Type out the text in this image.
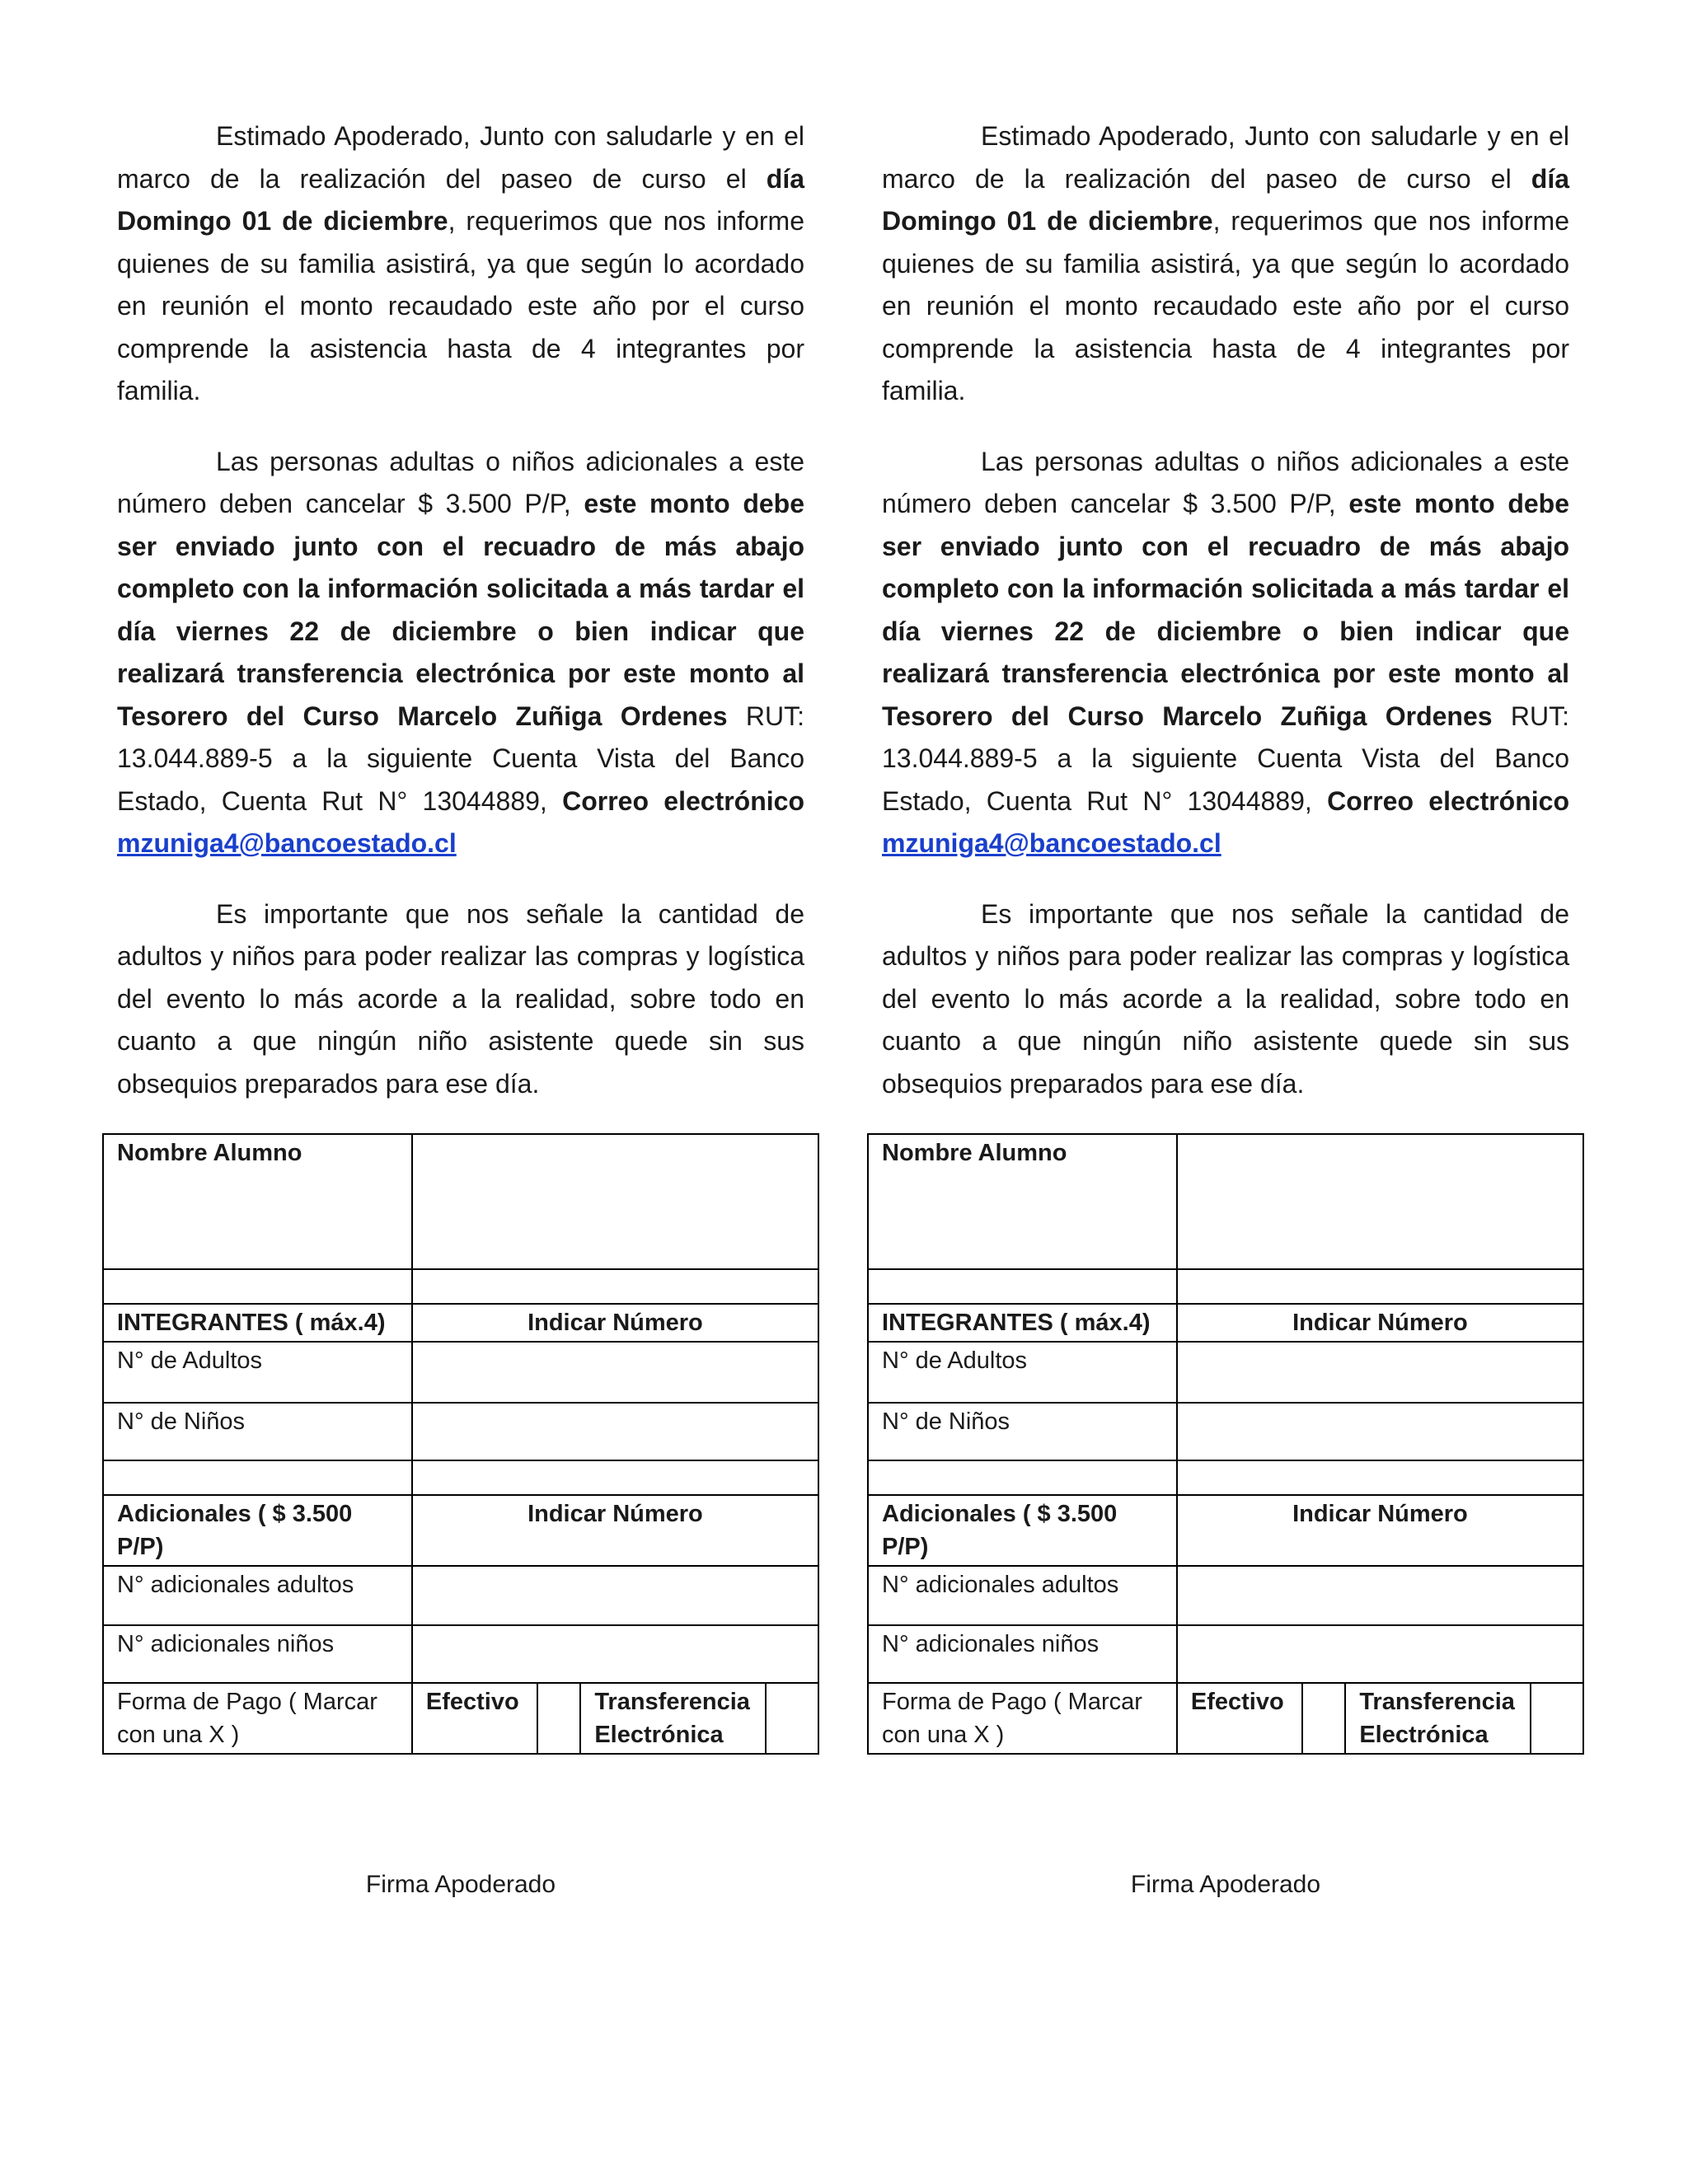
Estimado Apoderado, Junto con saludarle y en el marco de la realización del paseo de curso el día Domingo 01 de diciembre, requerimos que nos informe quienes de su familia asistirá, ya que según lo acordado en reunión el monto recaudado este año por el curso comprende la asistencia hasta de 4 integrantes por familia.

Las personas adultas o niños adicionales a este número deben cancelar $ 3.500 P/P, este monto debe ser enviado junto con el recuadro de más abajo completo con la información solicitada a más tardar el día viernes 22 de diciembre o bien indicar que realizará transferencia electrónica por este monto al Tesorero del Curso Marcelo Zuñiga Ordenes RUT: 13.044.889-5 a la siguiente Cuenta Vista del Banco Estado, Cuenta Rut N° 13044889, Correo electrónico mzuniga4@bancoestado.cl

Es importante que nos señale la cantidad de adultos y niños para poder realizar las compras y logística del evento lo más acorde a la realidad, sobre todo en cuanto a que ningún niño asistente quede sin sus obsequios preparados para ese día.

Nombre Alumno				

INTEGRANTES ( máx.4)	Indicar Número			
N° de Adultos				
N° de Niños				

Adicionales ( $ 3.500 P/P)	Indicar Número			
N° adicionales adultos				
N° adicionales niños				
Forma de Pago ( Marcar con una X )	Efectivo		Transferencia Electrónica	

Estimado Apoderado, Junto con saludarle y en el marco de la realización del paseo de curso el día Domingo 01 de diciembre, requerimos que nos informe quienes de su familia asistirá, ya que según lo acordado en reunión el monto recaudado este año por el curso comprende la asistencia hasta de 4 integrantes por familia.

Las personas adultas o niños adicionales a este número deben cancelar $ 3.500 P/P, este monto debe ser enviado junto con el recuadro de más abajo completo con la información solicitada a más tardar el día viernes 22 de diciembre o bien indicar que realizará transferencia electrónica por este monto al Tesorero del Curso Marcelo Zuñiga Ordenes RUT: 13.044.889-5 a la siguiente Cuenta Vista del Banco Estado, Cuenta Rut N° 13044889, Correo electrónico mzuniga4@bancoestado.cl

Es importante que nos señale la cantidad de adultos y niños para poder realizar las compras y logística del evento lo más acorde a la realidad, sobre todo en cuanto a que ningún niño asistente quede sin sus obsequios preparados para ese día.

Nombre Alumno				

INTEGRANTES ( máx.4)	Indicar Número			
N° de Adultos				
N° de Niños				

Adicionales ( $ 3.500 P/P)	Indicar Número			
N° adicionales adultos				
N° adicionales niños				
Forma de Pago ( Marcar con una X )	Efectivo		Transferencia Electrónica	
Firma Apoderado	Firma Apoderado
